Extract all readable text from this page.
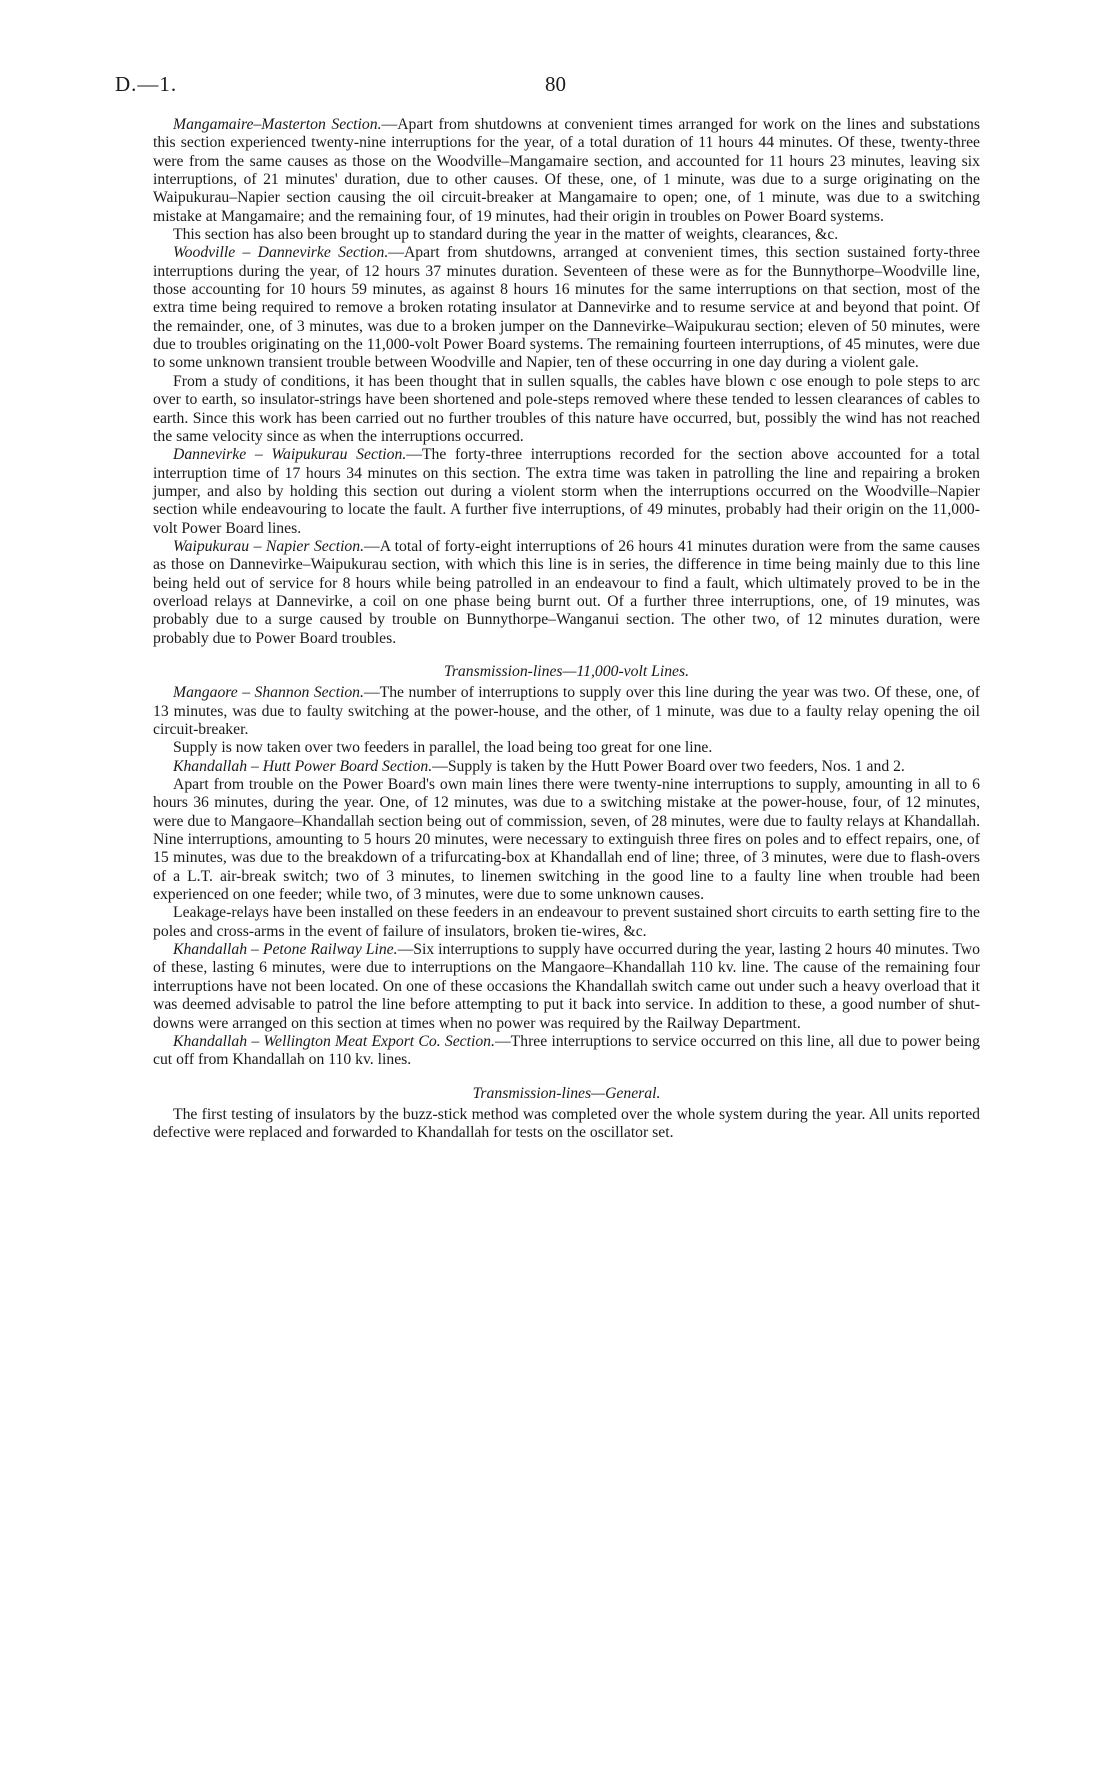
D.—1.	80

Mangamaire–Masterton Section.—Apart from shutdowns at convenient times arranged for work on the lines and substations this section experienced twenty-nine interruptions for the year, of a total duration of 11 hours 44 minutes. Of these, twenty-three were from the same causes as those on the Woodville–Mangamaire section, and accounted for 11 hours 23 minutes, leaving six interruptions, of 21 minutes' duration, due to other causes. Of these, one, of 1 minute, was due to a surge originating on the Waipukurau–Napier section causing the oil circuit-breaker at Mangamaire to open; one, of 1 minute, was due to a switching mistake at Mangamaire; and the remaining four, of 19 minutes, had their origin in troubles on Power Board systems.

This section has also been brought up to standard during the year in the matter of weights, clearances, &c.

Woodville – Dannevirke Section.—Apart from shutdowns, arranged at convenient times, this section sustained forty-three interruptions during the year, of 12 hours 37 minutes duration. Seventeen of these were as for the Bunnythorpe–Woodville line, those accounting for 10 hours 59 minutes, as against 8 hours 16 minutes for the same interruptions on that section, most of the extra time being required to remove a broken rotating insulator at Dannevirke and to resume service at and beyond that point. Of the remainder, one, of 3 minutes, was due to a broken jumper on the Dannevirke–Waipukurau section; eleven of 50 minutes, were due to troubles originating on the 11,000-volt Power Board systems. The remaining fourteen interruptions, of 45 minutes, were due to some unknown transient trouble between Woodville and Napier, ten of these occurring in one day during a violent gale.

From a study of conditions, it has been thought that in sullen squalls, the cables have blown c ose enough to pole steps to arc over to earth, so insulator-strings have been shortened and pole-steps removed where these tended to lessen clearances of cables to earth. Since this work has been carried out no further troubles of this nature have occurred, but, possibly the wind has not reached the same velocity since as when the interruptions occurred.

Dannevirke – Waipukurau Section.—The forty-three interruptions recorded for the section above accounted for a total interruption time of 17 hours 34 minutes on this section. The extra time was taken in patrolling the line and repairing a broken jumper, and also by holding this section out during a violent storm when the interruptions occurred on the Woodville–Napier section while endeavouring to locate the fault. A further five interruptions, of 49 minutes, probably had their origin on the 11,000-volt Power Board lines.

Waipukurau – Napier Section.—A total of forty-eight interruptions of 26 hours 41 minutes duration were from the same causes as those on Dannevirke–Waipukurau section, with which this line is in series, the difference in time being mainly due to this line being held out of service for 8 hours while being patrolled in an endeavour to find a fault, which ultimately proved to be in the overload relays at Dannevirke, a coil on one phase being burnt out. Of a further three interruptions, one, of 19 minutes, was probably due to a surge caused by trouble on Bunnythorpe–Wanganui section. The other two, of 12 minutes duration, were probably due to Power Board troubles.

Transmission-lines—11,000-volt Lines.

Mangaore – Shannon Section.—The number of interruptions to supply over this line during the year was two. Of these, one, of 13 minutes, was due to faulty switching at the power-house, and the other, of 1 minute, was due to a faulty relay opening the oil circuit-breaker.

Supply is now taken over two feeders in parallel, the load being too great for one line.

Khandallah – Hutt Power Board Section.—Supply is taken by the Hutt Power Board over two feeders, Nos. 1 and 2.

Apart from trouble on the Power Board's own main lines there were twenty-nine interruptions to supply, amounting in all to 6 hours 36 minutes, during the year. One, of 12 minutes, was due to a switching mistake at the power-house, four, of 12 minutes, were due to Mangaore–Khandallah section being out of commission, seven, of 28 minutes, were due to faulty relays at Khandallah. Nine interruptions, amounting to 5 hours 20 minutes, were necessary to extinguish three fires on poles and to effect repairs, one, of 15 minutes, was due to the breakdown of a trifurcating-box at Khandallah end of line; three, of 3 minutes, were due to flash-overs of a L.T. air-break switch; two of 3 minutes, to linemen switching in the good line to a faulty line when trouble had been experienced on one feeder; while two, of 3 minutes, were due to some unknown causes.

Leakage-relays have been installed on these feeders in an endeavour to prevent sustained short circuits to earth setting fire to the poles and cross-arms in the event of failure of insulators, broken tie-wires, &c.

Khandallah – Petone Railway Line.—Six interruptions to supply have occurred during the year, lasting 2 hours 40 minutes. Two of these, lasting 6 minutes, were due to interruptions on the Mangaore–Khandallah 110 kv. line. The cause of the remaining four interruptions have not been located. On one of these occasions the Khandallah switch came out under such a heavy overload that it was deemed advisable to patrol the line before attempting to put it back into service. In addition to these, a good number of shut-downs were arranged on this section at times when no power was required by the Railway Department.

Khandallah – Wellington Meat Export Co. Section.—Three interruptions to service occurred on this line, all due to power being cut off from Khandallah on 110 kv. lines.

Transmission-lines—General.

The first testing of insulators by the buzz-stick method was completed over the whole system during the year. All units reported defective were replaced and forwarded to Khandallah for tests on the oscillator set.
